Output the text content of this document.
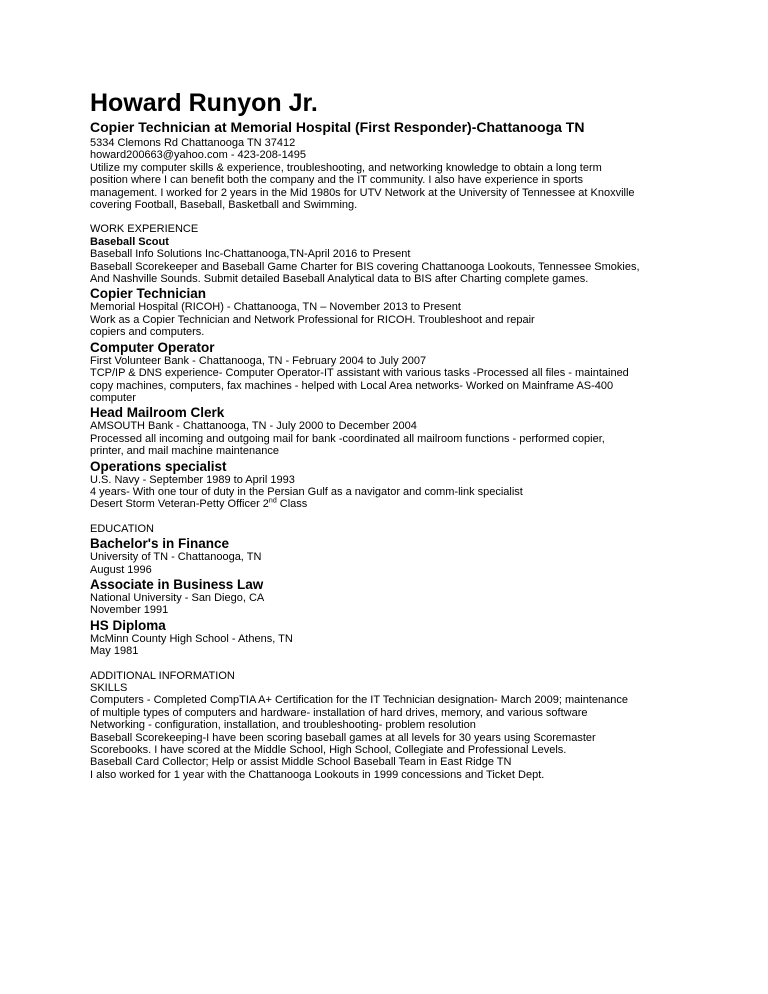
Howard Runyon Jr.
Copier Technician at Memorial Hospital (First Responder)-Chattanooga TN
5334 Clemons Rd Chattanooga TN 37412
howard200663@yahoo.com - 423-208-1495
Utilize my computer skills & experience, troubleshooting, and networking knowledge to obtain a long term
position where I can benefit both the company and the IT community. I also have experience in sports
management. I worked for 2 years in the Mid 1980s for UTV Network at the University of Tennessee at Knoxville
covering Football, Baseball, Basketball and Swimming.
WORK EXPERIENCE
Baseball Scout
Baseball Info Solutions Inc-Chattanooga,TN-April 2016 to Present
Baseball Scorekeeper and Baseball Game Charter for BIS covering Chattanooga Lookouts, Tennessee Smokies,
And Nashville Sounds. Submit detailed Baseball Analytical data to BIS after Charting complete games.
Copier Technician
Memorial Hospital (RICOH) - Chattanooga, TN – November 2013 to Present
Work as a Copier Technician and Network Professional for RICOH. Troubleshoot and repair
copiers and computers.
Computer Operator
First Volunteer Bank - Chattanooga, TN - February 2004 to July 2007
TCP/IP & DNS experience- Computer Operator-IT assistant with various tasks -Processed all files - maintained
copy machines, computers, fax machines - helped with Local Area networks- Worked on Mainframe AS-400
computer
Head Mailroom Clerk
AMSOUTH Bank - Chattanooga, TN - July 2000 to December 2004
Processed all incoming and outgoing mail for bank -coordinated all mailroom functions - performed copier,
printer, and mail machine maintenance
Operations specialist
U.S. Navy - September 1989 to April 1993
4 years- With one tour of duty in the Persian Gulf as a navigator and comm-link specialist
Desert Storm Veteran-Petty Officer 2nd Class
EDUCATION
Bachelor's in Finance
University of TN - Chattanooga, TN
August 1996
Associate in Business Law
National University - San Diego, CA
November 1991
HS Diploma
McMinn County High School - Athens, TN
May 1981
ADDITIONAL INFORMATION
SKILLS
Computers - Completed CompTIA A+ Certification for the IT Technician designation- March 2009; maintenance
of multiple types of computers and hardware- installation of hard drives, memory, and various software
Networking - configuration, installation, and troubleshooting- problem resolution
Baseball Scorekeeping-I have been scoring baseball games at all levels for 30 years using Scoremaster
Scorebooks. I have scored at the Middle School, High School, Collegiate and Professional Levels.
Baseball Card Collector; Help or assist Middle School Baseball Team in East Ridge TN
I also worked for 1 year with the Chattanooga Lookouts in 1999 concessions and Ticket Dept.
